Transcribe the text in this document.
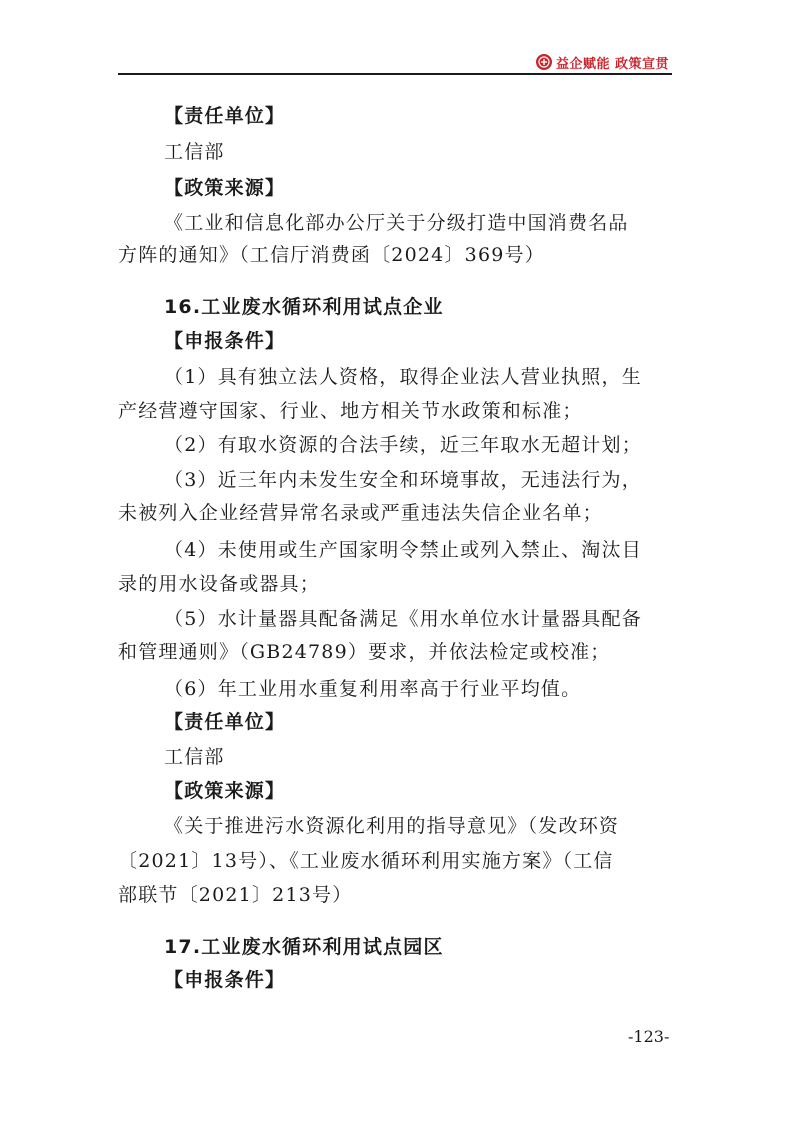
益企赋能 政策宣贯
【责任单位】
工信部
【政策来源】
《工业和信息化部办公厅关于分级打造中国消费名品
方阵的通知》（工信厅消费函〔2024〕369号）
16.工业废水循环利用试点企业
【申报条件】
（1）具有独立法人资格，取得企业法人营业执照，生
产经营遵守国家、行业、地方相关节水政策和标准；
（2）有取水资源的合法手续，近三年取水无超计划；
（3）近三年内未发生安全和环境事故，无违法行为，
未被列入企业经营异常名录或严重违法失信企业名单；
（4）未使用或生产国家明令禁止或列入禁止、淘汰目
录的用水设备或器具；
（5）水计量器具配备满足《用水单位水计量器具配备
和管理通则》（GB24789）要求，并依法检定或校准；
（6）年工业用水重复利用率高于行业平均值。
【责任单位】
工信部
【政策来源】
《关于推进污水资源化利用的指导意见》（发改环资
〔2021〕13号）、《工业废水循环利用实施方案》（工信
部联节〔2021〕213号）
17.工业废水循环利用试点园区
【申报条件】
-123-
